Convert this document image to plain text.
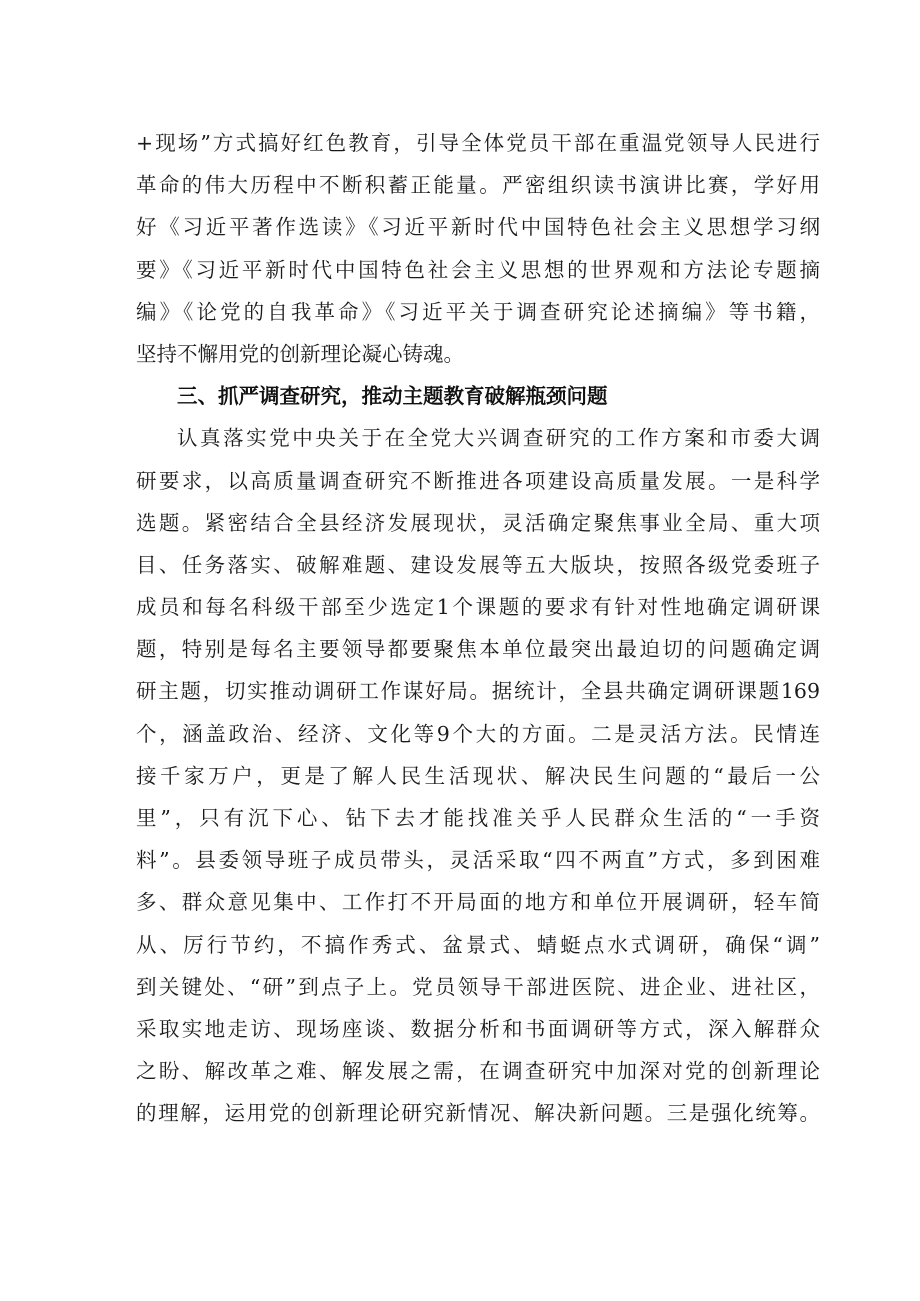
+现场”方式搞好红色教育，引导全体党员干部在重温党领导人民进行
革命的伟大历程中不断积蓄正能量。严密组织读书演讲比赛，学好用
好《习近平著作选读》《习近平新时代中国特色社会主义思想学习纲
要》《习近平新时代中国特色社会主义思想的世界观和方法论专题摘
编》《论党的自我革命》《习近平关于调查研究论述摘编》等书籍，
坚持不懈用党的创新理论凝心铸魂。
三、抓严调查研究，推动主题教育破解瓶颈问题
认真落实党中央关于在全党大兴调查研究的工作方案和市委大调
研要求，以高质量调查研究不断推进各项建设高质量发展。一是科学
选题。紧密结合全县经济发展现状，灵活确定聚焦事业全局、重大项
目、任务落实、破解难题、建设发展等五大版块，按照各级党委班子
成员和每名科级干部至少选定1个课题的要求有针对性地确定调研课
题，特别是每名主要领导都要聚焦本单位最突出最迫切的问题确定调
研主题，切实推动调研工作谋好局。据统计，全县共确定调研课题169
个，涵盖政治、经济、文化等9个大的方面。二是灵活方法。民情连
接千家万户，更是了解人民生活现状、解决民生问题的“最后一公
里”，只有沉下心、钻下去才能找准关乎人民群众生活的“一手资
料”。县委领导班子成员带头，灵活采取“四不两直”方式，多到困难
多、群众意见集中、工作打不开局面的地方和单位开展调研，轻车简
从、厉行节约，不搞作秀式、盆景式、蜻蜓点水式调研，确保“调”
到关键处、“研”到点子上。党员领导干部进医院、进企业、进社区，
采取实地走访、现场座谈、数据分析和书面调研等方式，深入解群众
之盼、解改革之难、解发展之需，在调查研究中加深对党的创新理论
的理解，运用党的创新理论研究新情况、解决新问题。三是强化统筹。
